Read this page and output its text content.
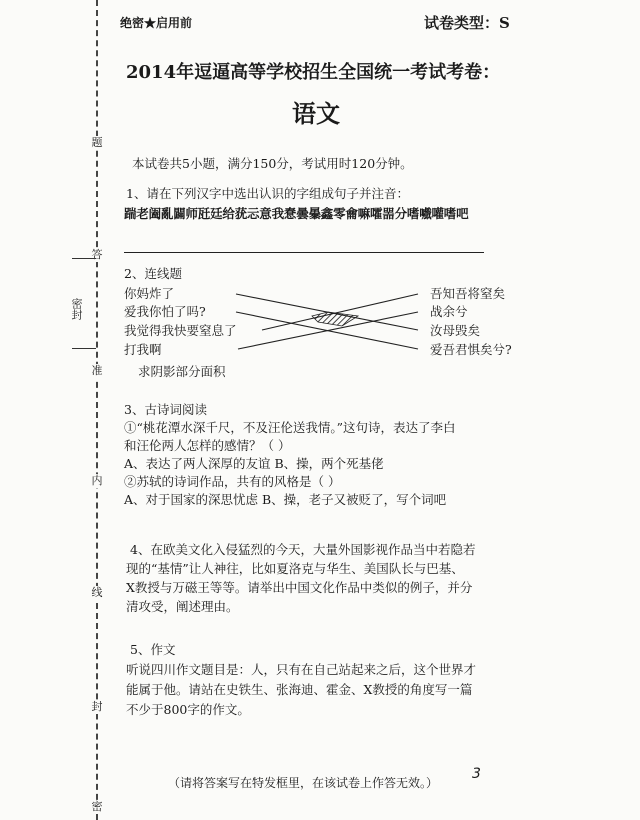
题
答
准
内
线
封
密
密封
绝密★启用前	试卷类型：S
2014年逗逼高等学校招生全国统一考试考卷：
语文
本试卷共5小题，满分150分，考试用时120分钟。
1、请在下列汉字中选出认识的字组成句子并注音：
踹老阖亂闢师瓩廷给莸忈意我惷曇曓鑫零龠嘛嚯噐分嗜嚱嚾嗜吧
2、连线题
你妈炸了
爱我你怕了吗?
我觉得我快要窒息了
打我啊
吾知吾将窒矣
战余兮
汝母毁矣
爱吾君惧矣兮?
求阴影部分面积
3、古诗词阅读
①“桃花潭水深千尺，不及汪伦送我情。”这句诗，表达了李白
和汪伦两人怎样的感情？（ ）
A、表达了两人深厚的友谊 B、操，两个死基佬
②苏轼的诗词作品，共有的风格是（ ）
A、对于国家的深思忧虑 B、操，老子又被贬了，写个词吧
4、在欧美文化入侵猛烈的今天，大量外国影视作品当中若隐若
现的“基情”让人神往，比如夏洛克与华生、美国队长与巴基、
X教授与万磁王等等。请举出中国文化作品中类似的例子，并分
清攻受，阐述理由。
5、作文
听说四川作文题目是：人，只有在自己站起来之后，这个世界才
能属于他。请站在史铁生、张海迪、霍金、X教授的角度写一篇
不少于800字的作文。
（请将答案写在特发框里，在该试卷上作答无效。）
3
